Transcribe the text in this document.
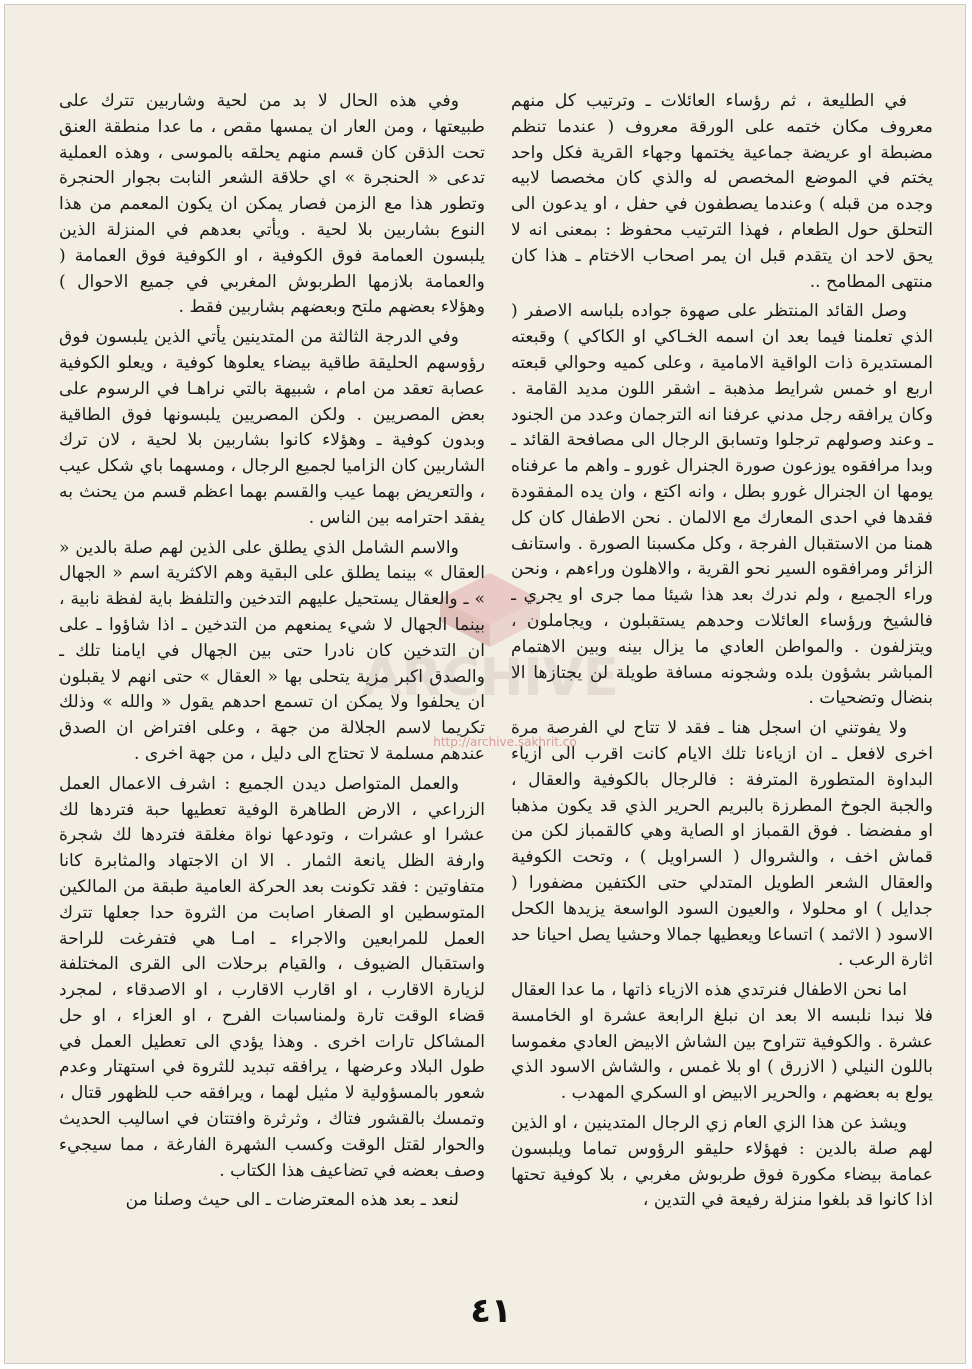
ARCHIVE
http://archive.sakhrit.co

في الطليعة ، ثم رؤساء العائلات ـ وترتيب كل منهم معروف مكان ختمه على الورقة معروف ( عندما تنظم مضبطة او عريضة جماعية يختمها وجهاء القرية فكل واحد يختم في الموضع المخصص له والذي كان مخصصا لابيه وجده من قبله ) وعندما يصطفون في حفل ، او يدعون الى التحلق حول الطعام ، فهذا الترتيب محفوظ : بمعنى انه لا يحق لاحد ان يتقدم قبل ان يمر اصحاب الاختام ـ هذا كان منتهى المطامح ..

وصل القائد المنتظر على صهوة جواده بلباسه الاصفر ( الذي تعلمنا فيما بعد ان اسمه الخـاكي او الكاكي ) وقبعته المستديرة ذات الواقية الامامية ، وعلى كميه وحوالي قبعته اربع او خمس شرايط مذهبة ـ اشقر اللون مديد القامة . وكان يرافقه رجل مدني عرفنا انه الترجمان وعدد من الجنود ـ وعند وصولهم ترجلوا وتسابق الرجال الى مصافحة القائد ـ وبدا مرافقوه يوزعون صورة الجنرال غورو ـ واهم ما عرفناه يومها ان الجنرال غورو بطل ، وانه اكتع ، وان يده المفقودة فقدها في احدى المعارك مع الالمان . نحن الاطفال كان كل همنا من الاستقبال الفرجة ، وكل مكسبنا الصورة . واستانف الزائر ومرافقوه السير نحو القرية ، والاهلون وراءهم ، ونحن وراء الجميع ، ولم ندرك بعد هذا شيئا مما جرى او يجري ـ فالشيخ ورؤساء العائلات وحدهم يستقبلون ، ويجاملون ، ويتزلفون . والمواطن العادي ما يزال بينه وبين الاهتمام المباشر بشؤون بلده وشجونه مسافة طويلة لن يجتازها الا بنضال وتضحيات .

ولا يفوتني ان اسجل هنا ـ فقد لا تتاح لي الفرصة مرة اخرى لافعل ـ ان ازياءنا تلك الايام كانت اقرب الى ازياء البداوة المتطورة المترفة : فالرجال بالكوفية والعقال ، والجبة الجوخ المطرزة بالبريم الحرير الذي قد يكون مذهبا او مفضضا . فوق القمباز او الصاية وهي كالقمباز لكن من قماش اخف ، والشروال ( السراويل ) ، وتحت الكوفية والعقال الشعر الطويل المتدلي حتى الكتفين مضفورا ( جدايل ) او محلولا ، والعيون السود الواسعة يزيدها الكحل الاسود ( الاثمد ) اتساعا ويعطيها جمالا وحشيا يصل احيانا حد اثارة الرعب .

اما نحن الاطفال فنرتدي هذه الازياء ذاتها ، ما عدا العقال فلا نبدا نلبسه الا بعد ان نبلغ الرابعة عشرة او الخامسة عشرة . والكوفية تتراوح بين الشاش الابيض العادي مغموسا باللون النيلي ( الازرق ) او بلا غمس ، والشاش الاسود الذي يولع به بعضهم ، والحرير الابيض او السكري المهدب .

ويشذ عن هذا الزي العام زي الرجال المتدينين ، او الذين لهم صلة بالدين : فهؤلاء حليقو الرؤوس تماما ويلبسون عمامة بيضاء مكورة فوق طربوش مغربي ، بلا كوفية تحتها اذا كانوا قد بلغوا منزلة رفيعة في التدين ،

وفي هذه الحال لا بد من لحية وشاربين تترك على طبيعتها ، ومن العار ان يمسها مقص ، ما عدا منطقة العنق تحت الذقن كان قسم منهم يحلقه بالموسى ، وهذه العملية تدعى « الحنجرة » اي حلاقة الشعر النابت بجوار الحنجرة وتطور هذا مع الزمن فصار يمكن ان يكون المعمم من هذا النوع بشاربين بلا لحية . ويأتي بعدهم في المنزلة الذين يلبسون العمامة فوق الكوفية ، او الكوفية فوق العمامة ( والعمامة بلازمها الطربوش المغربي في جميع الاحوال ) وهؤلاء بعضهم ملتح وبعضهم بشاربين فقط .

وفي الدرجة الثالثة من المتدينين يأتي الذين يلبسون فوق رؤوسهم الحليقة طاقية بيضاء يعلوها كوفية ، ويعلو الكوفية عصابة تعقد من امام ، شبيهة بالتي نراهـا في الرسوم على بعض المصريين . ولكن المصريين يلبسونها فوق الطاقية وبدون كوفية ـ وهؤلاء كانوا بشاربين بلا لحية ، لان ترك الشاربين كان الزاميا لجميع الرجال ، ومسهما باي شكل عيب ، والتعريض بهما عيب والقسم بهما اعظم قسم من يحنث به يفقد احترامه بين الناس .

والاسم الشامل الذي يطلق على الذين لهم صلة بالدين « العقال » بينما يطلق على البقية وهم الاكثرية اسم « الجهال » ـ والعقال يستحيل عليهم التدخين والتلفظ باية لفظة نابية ، بينما الجهال لا شيء يمنعهم من التدخين ـ اذا شاؤوا ـ على ان التدخين كان نادرا حتى بين الجهال في ايامنا تلك ـ والصدق اكبر مزية يتحلى بها « العقال » حتى انهم لا يقبلون ان يحلفوا ولا يمكن ان تسمع احدهم يقول « والله » وذلك تكريما لاسم الجلالة من جهة ، وعلى افتراض ان الصدق عندهم مسلمة لا تحتاج الى دليل ، من جهة اخرى .

والعمل المتواصل ديدن الجميع : اشرف الاعمال العمل الزراعي ، الارض الطاهرة الوفية تعطيها حبة فتردها لك عشرا او عشرات ، وتودعها نواة مغلقة فتردها لك شجرة وارفة الظل يانعة الثمار . الا ان الاجتهاد والمثابرة كانا متفاوتين : فقد تكونت بعد الحركة العامية طبقة من المالكين المتوسطين او الصغار اصابت من الثروة حدا جعلها تترك العمل للمرابعين والاجراء ـ امـا هي فتفرغت للراحة واستقبال الضيوف ، والقيام برحلات الى القرى المختلفة لزيارة الاقارب ، او اقارب الاقارب ، او الاصدقاء ، لمجرد قضاء الوقت تارة ولمناسبات الفرح ، او العزاء ، او حل المشاكل تارات اخرى . وهذا يؤدي الى تعطيل العمل في طول البلاد وعرضها ، يرافقه تبديد للثروة في استهتار وعدم شعور بالمسؤولية لا مثيل لهما ، ويرافقه حب للظهور قتال ، وتمسك بالقشور فتاك ، وثرثرة وافتتان في اساليب الحديث والحوار لقتل الوقت وكسب الشهرة الفارغة ، مما سيجيء وصف بعضه في تضاعيف هذا الكتاب .

لنعد ـ بعد هذه المعترضات ـ الى حيث وصلنا من

٤١
